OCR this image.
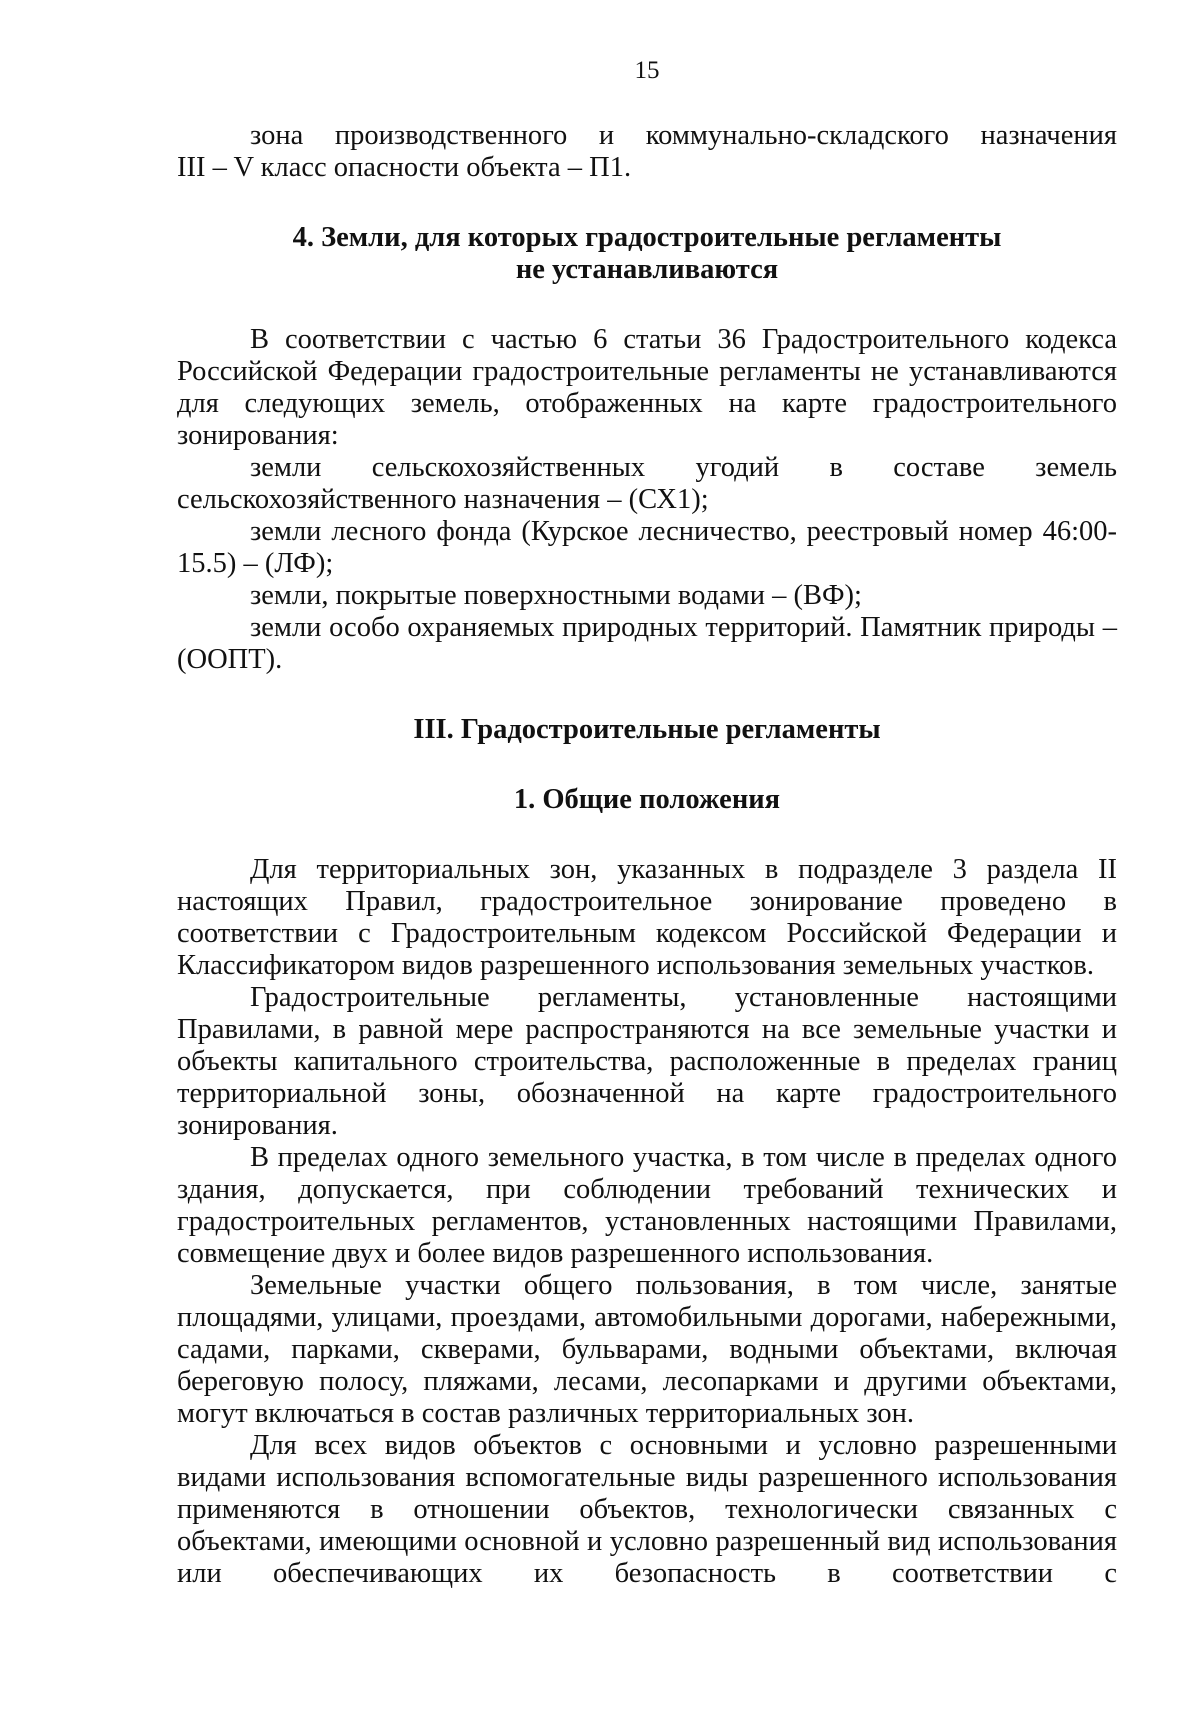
15

зона производственного и коммунально-складского назначения

III – V класс опасности объекта – П1.

4. Земли, для которых градостроительные регламенты
не устанавливаются

В соответствии с частью 6 статьи 36 Градостроительного кодекса Российской Федерации градостроительные регламенты не устанавливаются для следующих земель, отображенных на карте градостроительного зонирования:

земли сельскохозяйственных угодий в составе земель сельскохозяйственного назначения – (СХ1);

земли лесного фонда (Курское лесничество, реестровый номер 46:00-15.5) – (ЛФ);

земли, покрытые поверхностными водами – (ВФ);

земли особо охраняемых природных территорий. Памятник природы – (ООПТ).

III. Градостроительные регламенты
1. Общие положения

Для территориальных зон, указанных в подразделе 3 раздела II настоящих Правил, градостроительное зонирование проведено в соответствии с Градостроительным кодексом Российской Федерации и Классификатором видов разрешенного использования земельных участков.

Градостроительные регламенты, установленные настоящими Правилами, в равной мере распространяются на все земельные участки и объекты капитального строительства, расположенные в пределах границ территориальной зоны, обозначенной на карте градостроительного зонирования.

В пределах одного земельного участка, в том числе в пределах одного здания, допускается, при соблюдении требований технических и градостроительных регламентов, установленных настоящими Правилами, совмещение двух и более видов разрешенного использования.

Земельные участки общего пользования, в том числе, занятые площадями, улицами, проездами, автомобильными дорогами, набережными, садами, парками, скверами, бульварами, водными объектами, включая береговую полосу, пляжами, лесами, лесопарками и другими объектами, могут включаться в состав различных территориальных зон.

Для всех видов объектов с основными и условно разрешенными видами использования вспомогательные виды разрешенного использования применяются в отношении объектов, технологически связанных с объектами, имеющими основной и условно разрешенный вид использования или обеспечивающих их безопасность в соответствии с
